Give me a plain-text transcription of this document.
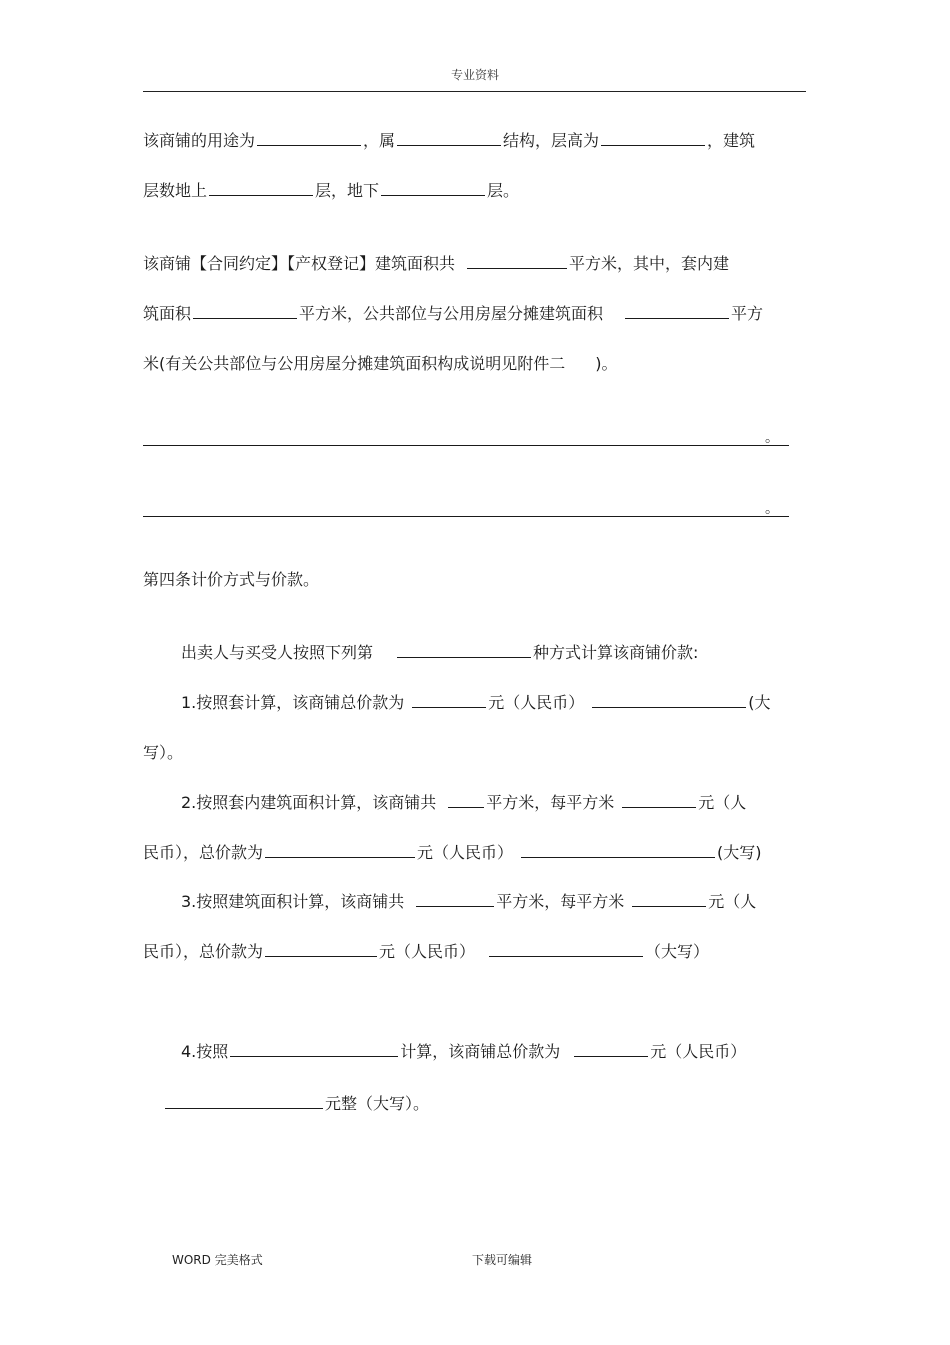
专业资料
该商铺的用途为	，属	结构，层高为	，建筑
层数地上	层，地下	层。
该商铺【合同约定】【产权登记】建筑面积共	平方米，其中，套内建
筑面积	平方米，公共部位与公用房屋分摊建筑面积	平方
米(有关公共部位与公用房屋分摊建筑面积构成说明见附件二 )。
。
。
第四条计价方式与价款。
出卖人与买受人按照下列第	种方式计算该商铺价款:
1.按照套计算，该商铺总价款为	元（人民币）	(大
写）。
2.按照套内建筑面积计算，该商铺共	平方米，每平方米	元（人
民币），总价款为	元（人民币）	(大写)
3.按照建筑面积计算，该商铺共	平方米，每平方米	元（人
民币），总价款为	元（人民币）	（大写）
4.按照	计算，该商铺总价款为	元（人民币）
元整（大写）。
WORD 完美格式	下载可编辑
